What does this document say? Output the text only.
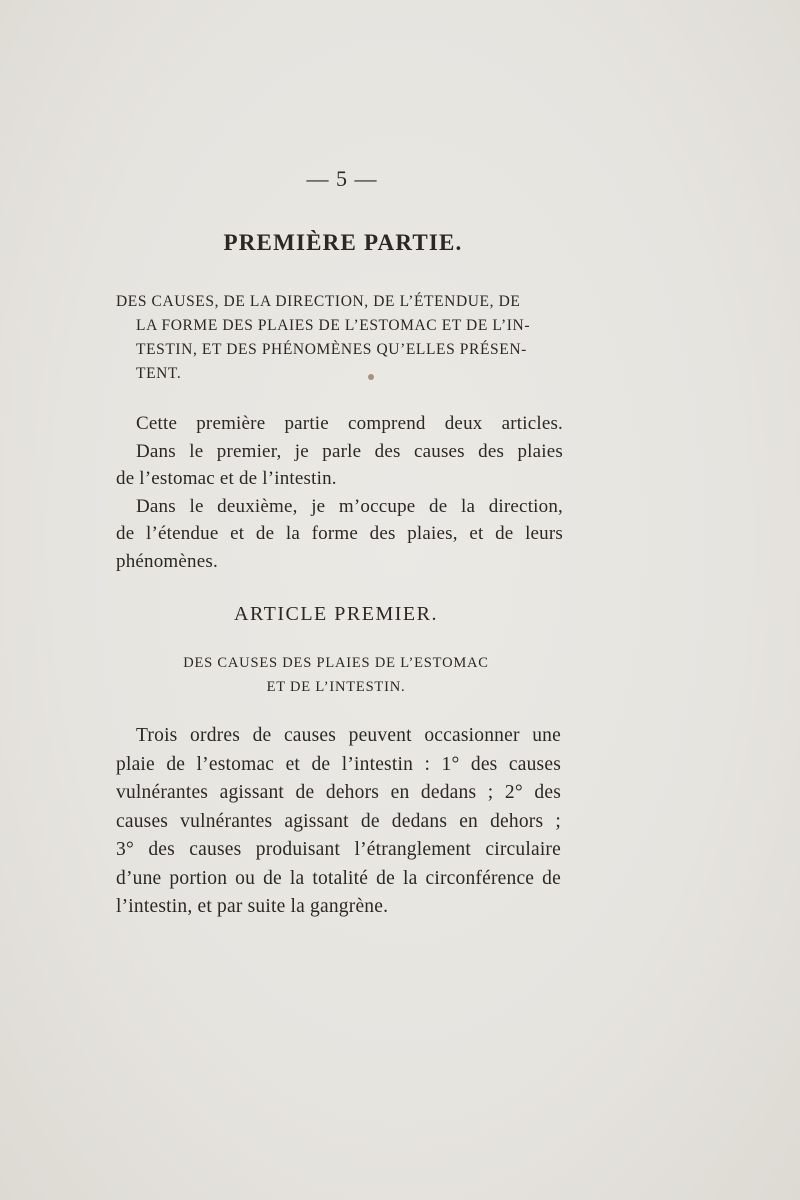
— 5 —
PREMIÈRE PARTIE.
DES CAUSES, DE LA DIRECTION, DE L’ÉTENDUE, DE
LA FORME DES PLAIES DE L’ESTOMAC ET DE L’IN-
TESTIN, ET DES PHÉNOMÈNES QU’ELLES PRÉSEN-
TENT.
Cette première partie comprend deux articles.
Dans le premier, je parle des causes des plaies
de l’estomac et de l’intestin.
Dans le deuxième, je m’occupe de la direction,
de l’étendue et de la forme des plaies, et de leurs
phénomènes.
ARTICLE PREMIER.
DES CAUSES DES PLAIES DE L’ESTOMAC
ET DE L’INTESTIN.
Trois ordres de causes peuvent occasionner une
plaie de l’estomac et de l’intestin : 1° des causes
vulnérantes agissant de dehors en dedans ; 2° des
causes vulnérantes agissant de dedans en dehors ;
3° des causes produisant l’étranglement circulaire
d’une portion ou de la totalité de la circonférence de
l’intestin, et par suite la gangrène.
